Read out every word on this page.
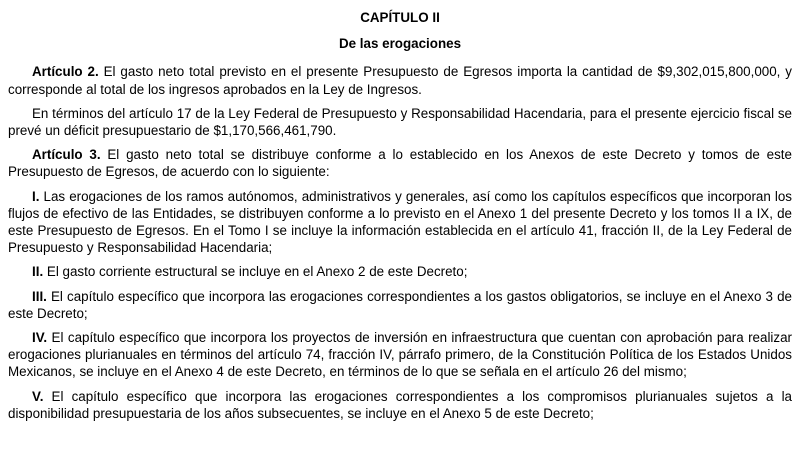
CAPÍTULO II
De las erogaciones

Artículo 2. El gasto neto total previsto en el presente Presupuesto de Egresos importa la cantidad de $9,302,015,800,000, y corresponde al total de los ingresos aprobados en la Ley de Ingresos.

En términos del artículo 17 de la Ley Federal de Presupuesto y Responsabilidad Hacendaria, para el presente ejercicio fiscal se prevé un déficit presupuestario de $1,170,566,461,790.

Artículo 3. El gasto neto total se distribuye conforme a lo establecido en los Anexos de este Decreto y tomos de este Presupuesto de Egresos, de acuerdo con lo siguiente:

I. Las erogaciones de los ramos autónomos, administrativos y generales, así como los capítulos específicos que incorporan los flujos de efectivo de las Entidades, se distribuyen conforme a lo previsto en el Anexo 1 del presente Decreto y los tomos II a IX, de este Presupuesto de Egresos. En el Tomo I se incluye la información establecida en el artículo 41, fracción II, de la Ley Federal de Presupuesto y Responsabilidad Hacendaria;

II. El gasto corriente estructural se incluye en el Anexo 2 de este Decreto;

III. El capítulo específico que incorpora las erogaciones correspondientes a los gastos obligatorios, se incluye en el Anexo 3 de este Decreto;

IV. El capítulo específico que incorpora los proyectos de inversión en infraestructura que cuentan con aprobación para realizar erogaciones plurianuales en términos del artículo 74, fracción IV, párrafo primero, de la Constitución Política de los Estados Unidos Mexicanos, se incluye en el Anexo 4 de este Decreto, en términos de lo que se señala en el artículo 26 del mismo;

V. El capítulo específico que incorpora las erogaciones correspondientes a los compromisos plurianuales sujetos a la disponibilidad presupuestaria de los años subsecuentes, se incluye en el Anexo 5 de este Decreto;
